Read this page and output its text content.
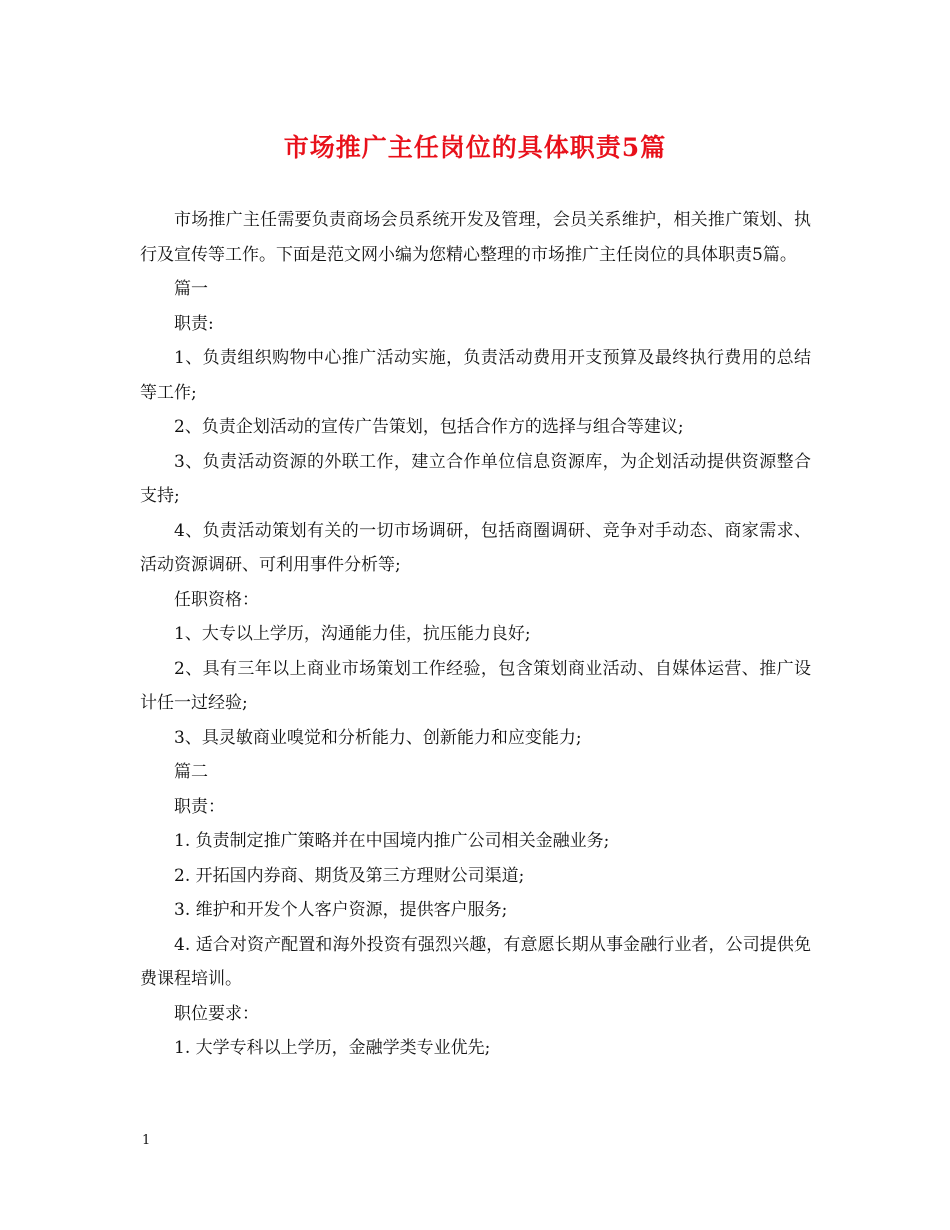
市场推广主任岗位的具体职责5篇

市场推广主任需要负责商场会员系统开发及管理，会员关系维护，相关推广策划、执行及宣传等工作。下面是范文网小编为您精心整理的市场推广主任岗位的具体职责5篇。

篇一

职责:

1、负责组织购物中心推广活动实施，负责活动费用开支预算及最终执行费用的总结等工作;

2、负责企划活动的宣传广告策划，包括合作方的选择与组合等建议;

3、负责活动资源的外联工作，建立合作单位信息资源库，为企划活动提供资源整合支持;

4、负责活动策划有关的一切市场调研，包括商圈调研、竞争对手动态、商家需求、活动资源调研、可利用事件分析等;

任职资格：

1、大专以上学历，沟通能力佳，抗压能力良好;

2、具有三年以上商业市场策划工作经验，包含策划商业活动、自媒体运营、推广设计任一过经验;

3、具灵敏商业嗅觉和分析能力、创新能力和应变能力;

篇二

职责：

1. 负责制定推广策略并在中国境内推广公司相关金融业务;

2. 开拓国内券商、期货及第三方理财公司渠道;

3. 维护和开发个人客户资源，提供客户服务;

4. 适合对资产配置和海外投资有强烈兴趣，有意愿长期从事金融行业者，公司提供免费课程培训。

职位要求：

1. 大学专科以上学历，金融学类专业优先;

1
